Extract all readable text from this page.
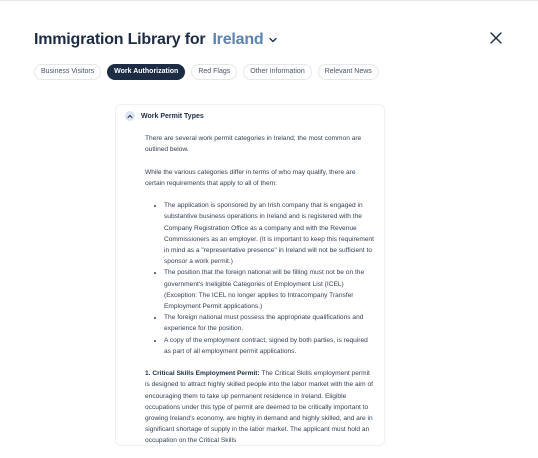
Immigration Library for Ireland
Business Visitors	Work Authorization	Red Flags	Other Information	Relevant News
Work Permit Types

There are several work permit categories in Ireland; the most common are outlined below.

While the various categories differ in terms of who may qualify, there are certain requirements that apply to all of them:

• The application is sponsored by an Irish company that is engaged in substantive business operations in Ireland and is registered with the Company Registration Office as a company and with the Revenue Commissioners as an employer. (It is important to keep this requirement in mind as a "representative presence" in Ireland will not be sufficient to sponsor a work permit.)
• The position that the foreign national will be filling must not be on the government's Ineligible Categories of Employment List (ICEL) (Exception: The ICEL no longer applies to Intracompany Transfer Employment Permit applications.)
• The foreign national must possess the appropriate qualifications and experience for the position.
• A copy of the employment contract, signed by both parties, is required as part of all employment permit applications.

1. Critical Skills Employment Permit: The Critical Skills employment permit is designed to attract highly skilled people into the labor market with the aim of encouraging them to take up permanent residence in Ireland. Eligible occupations under this type of permit are deemed to be critically important to growing Ireland's economy, are highly in demand and highly skilled, and are in significant shortage of supply in the labor market. The applicant must hold an occupation on the Critical Skills
